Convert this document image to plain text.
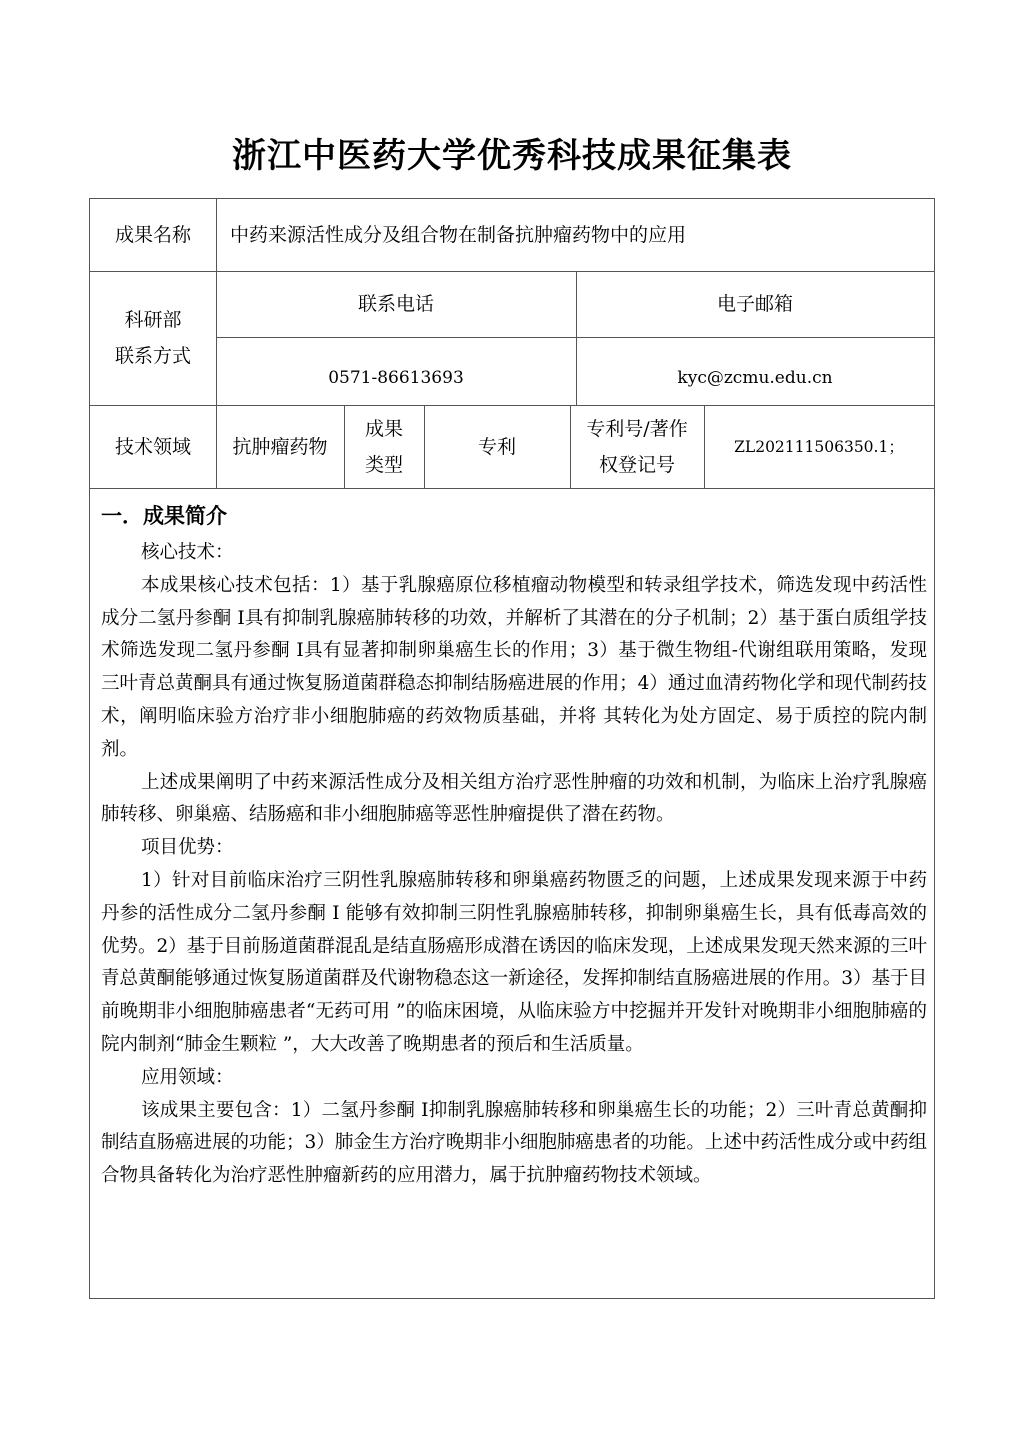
浙江中医药大学优秀科技成果征集表
成果名称 中药来源活性成分及组合物在制备抗肿瘤药物中的应用
科研部
联系方式
联系电话	电子邮箱
0571-86613693	kyc@zcmu.edu.cn
技术领域 抗肿瘤药物
成果
类型
专利
专利号/著作
权登记号
ZL202111506350.1；
一．成果简介
核心技术：
本成果核心技术包括：1）基于乳腺癌原位移植瘤动物模型和转录组学技术，筛选发现中药活性成分二氢丹参酮 I具有抑制乳腺癌肺转移的功效，并解析了其潜在的分子机制；2）基于蛋白质组学技术筛选发现二氢丹参酮 I具有显著抑制卵巢癌生长的作用；3）基于微生物组-代谢组联用策略，发现三叶青总黄酮具有通过恢复肠道菌群稳态抑制结肠癌进展的作用；4）通过血清药物化学和现代制药技术，阐明临床验方治疗非小细胞肺癌的药效物质基础，并将 其转化为处方固定、易于质控的院内制剂。
上述成果阐明了中药来源活性成分及相关组方治疗恶性肿瘤的功效和机制，为临床上治疗乳腺癌肺转移、卵巢癌、结肠癌和非小细胞肺癌等恶性肿瘤提供了潜在药物。
项目优势：
1）针对目前临床治疗三阴性乳腺癌肺转移和卵巢癌药物匮乏的问题，上述成果发现来源于中药丹参的活性成分二氢丹参酮 I 能够有效抑制三阴性乳腺癌肺转移，抑制卵巢癌生长，具有低毒高效的优势。2）基于目前肠道菌群混乱是结直肠癌形成潜在诱因的临床发现，上述成果发现天然来源的三叶青总黄酮能够通过恢复肠道菌群及代谢物稳态这一新途径，发挥抑制结直肠癌进展的作用。3）基于目前晚期非小细胞肺癌患者“无药可用 ”的临床困境，从临床验方中挖掘并开发针对晚期非小细胞肺癌的院内制剂“肺金生颗粒 ”，大大改善了晚期患者的预后和生活质量。
应用领域：
该成果主要包含：1）二氢丹参酮 I抑制乳腺癌肺转移和卵巢癌生长的功能；2）三叶青总黄酮抑制结直肠癌进展的功能；3）肺金生方治疗晚期非小细胞肺癌患者的功能。上述中药活性成分或中药组合物具备转化为治疗恶性肿瘤新药的应用潜力，属于抗肿瘤药物技术领域。
